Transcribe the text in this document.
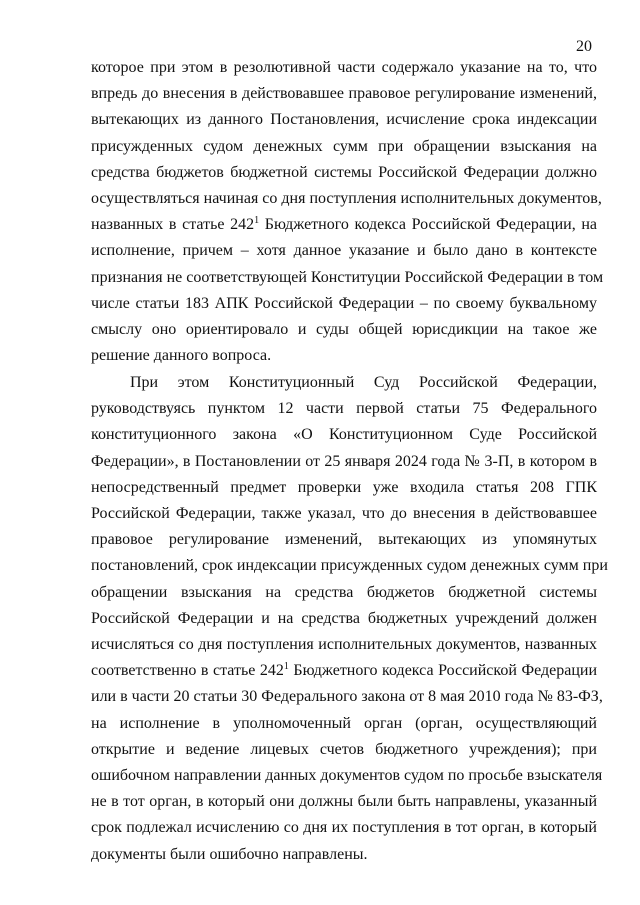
20
которое при этом в резолютивной части содержало указание на то, что
впредь до внесения в действовавшее правовое регулирование изменений,
вытекающих из данного Постановления, исчисление срока индексации
присужденных судом денежных сумм при обращении взыскания на
средства бюджетов бюджетной системы Российской Федерации должно
осуществляться начиная со дня поступления исполнительных документов,
названных в статье $242^1$ Бюджетного кодекса Российской Федерации, на
исполнение, причем – хотя данное указание и было дано в контексте
признания не соответствующей Конституции Российской Федерации в том
числе статьи 183 АПК Российской Федерации – по своему буквальному
смыслу оно ориентировало и суды общей юрисдикции на такое же
решение данного вопроса.
При этом Конституционный Суд Российской Федерации,
руководствуясь пунктом 12 части первой статьи 75 Федерального
конституционного закона «О Конституционном Суде Российской
Федерации», в Постановлении от 25 января 2024 года № 3-П, в котором в
непосредственный предмет проверки уже входила статья 208 ГПК
Российской Федерации, также указал, что до внесения в действовавшее
правовое регулирование изменений, вытекающих из упомянутых
постановлений, срок индексации присужденных судом денежных сумм при
обращении взыскания на средства бюджетов бюджетной системы
Российской Федерации и на средства бюджетных учреждений должен
исчисляться со дня поступления исполнительных документов, названных
соответственно в статье $242^1$ Бюджетного кодекса Российской Федерации
или в части 20 статьи 30 Федерального закона от 8 мая 2010 года № 83-ФЗ,
на исполнение в уполномоченный орган (орган, осуществляющий
открытие и ведение лицевых счетов бюджетного учреждения); при
ошибочном направлении данных документов судом по просьбе взыскателя
не в тот орган, в который они должны были быть направлены, указанный
срок подлежал исчислению со дня их поступления в тот орган, в который
документы были ошибочно направлены.
